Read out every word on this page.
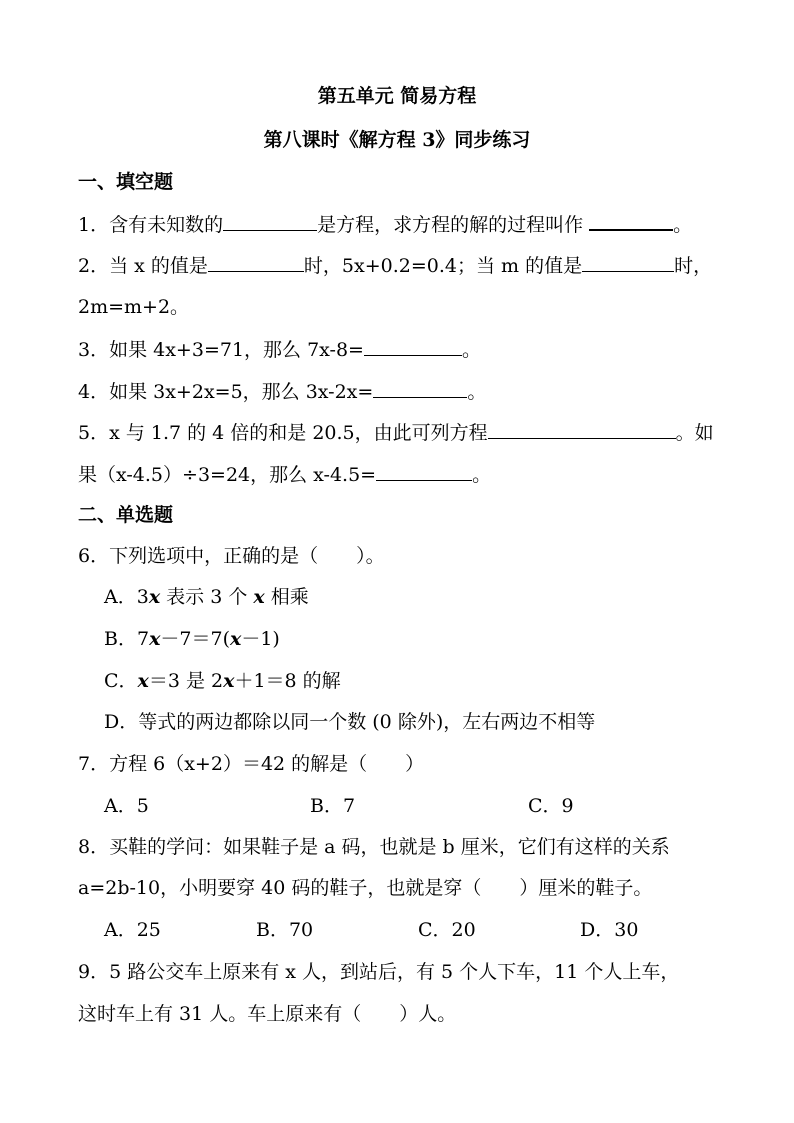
第五单元 简易方程
第八课时《解方程 3》同步练习
一、填空题
1．含有未知数的	是方程，求方程的解的过程叫作	。
2．当 x 的值是	时，5x+0.2=0.4；当 m 的值是	时，
2m=m+2。
3．如果 4x+3=71，那么 7x-8=	。
4．如果 3x+2x=5，那么 3x-2x=	。
5．x 与 1.7 的 4 倍的和是 20.5，由此可列方程	。如
果（x-4.5）÷3=24，那么 x-4.5=	。
二、单选题
6．下列选项中，正确的是（　　）。
A．3x 表示 3 个 x 相乘
B．7x－7＝7(x－1)
C．x＝3 是 2x＋1＝8 的解
D．等式的两边都除以同一个数 (0 除外)，左右两边不相等
7．方程 6（x+2）＝42 的解是（　　）
A．5	B．7	C．9
8．买鞋的学问：如果鞋子是 a 码，也就是 b 厘米，它们有这样的关系
a=2b-10，小明要穿 40 码的鞋子，也就是穿（　　）厘米的鞋子。
A．25	B．70	C．20	D．30
9．5 路公交车上原来有 x 人，到站后，有 5 个人下车，11 个人上车，
这时车上有 31 人。车上原来有（　　）人。
